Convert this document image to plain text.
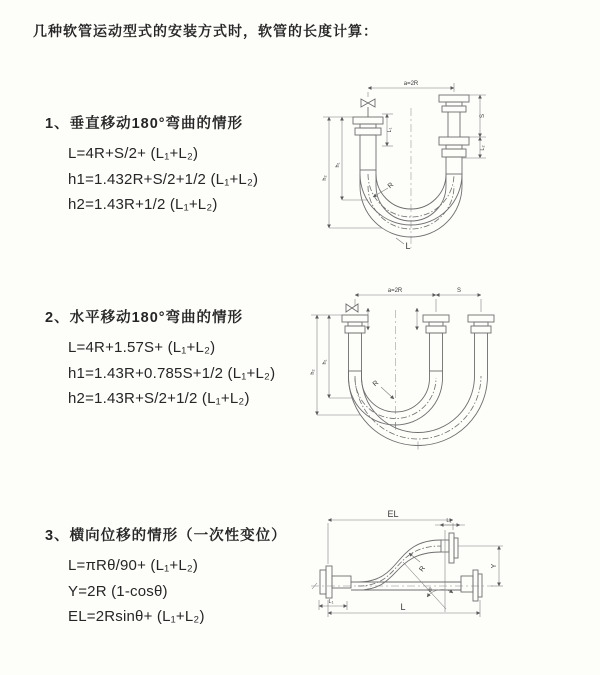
几种软管运动型式的安装方式时，软管的长度计算：
1、垂直移动180°弯曲的情形
L=4R+S/2+ (L₁+L₂)
h1=1.432R+S/2+1/2 (L₁+L₂)
h2=1.43R+1/2 (L₁+L₂)
2、水平移动180°弯曲的情形
L=4R+1.57S+ (L₁+L₂)
h1=1.43R+0.785S+1/2 (L₁+L₂)
h2=1.43R+S/2+1/2 (L₁+L₂)
3、横向位移的情形（一次性变位）
L=πRθ/90+ (L₁+L₂)
Y=2R (1-cosθ)
EL=2Rsinθ+ (L₁+L₂)
a=2R
h₂
h₁
L₁
S
L₂
R
L
a=2R	S
h₂
h₁
R
EL
L₂
Y
R
θ
L₁	L
